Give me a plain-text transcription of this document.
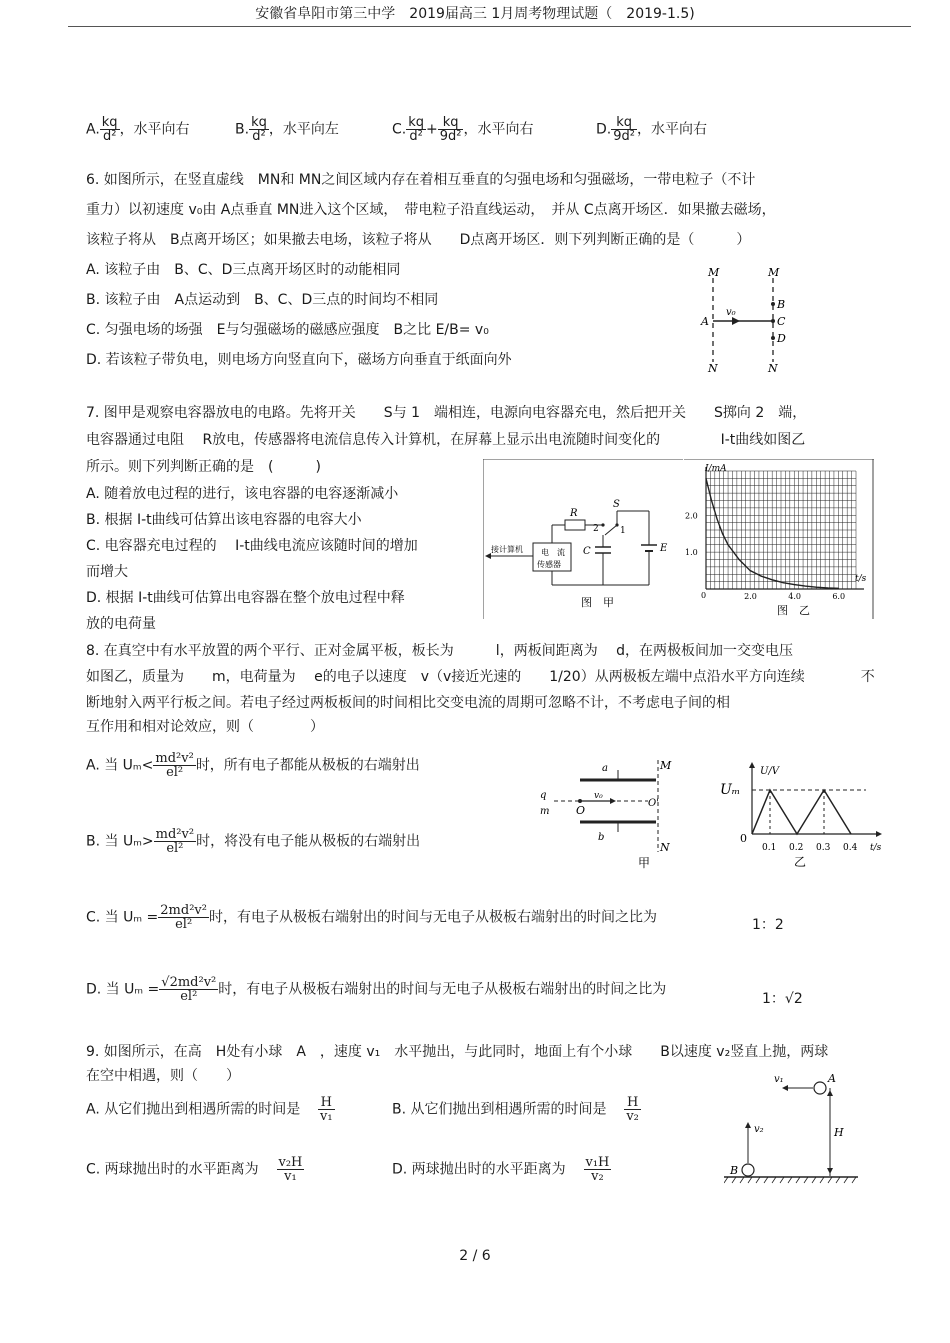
安徽省阜阳市第三中学　2019届高三 1月周考物理试题（　2019-1.5)
A. $\frac{kq}{\text{d²}}$ ，水平向右	B. $\frac{kq}{\text{d²}}$ ，水平向左	C. $\frac{kq}{\text{d²}} + \frac{kq}{\text{9d²}}$ ，水平向右	D. $\frac{kq}{\text{9d²}}$ ，水平向右
6. 如图所示，在竖直虚线　MN和 MN之间区域内存在着相互垂直的匀强电场和匀强磁场，一带电粒子（不计
重力）以初速度 v₀由 A点垂直 MN进入这个区域，　带电粒子沿直线运动，　并从 C点离开场区．如果撤去磁场，
该粒子将从　B点离开场区；如果撤去电场，该粒子将从　　D点离开场区．则下列判断正确的是（　　　）
A. 该粒子由　B、C、D三点离开场区时的动能相同
B. 该粒子由　A点运动到　B、C、D三点的时间均不相同
C. 匀强电场的场强　E与匀强磁场的磁感应强度　B之比 E/B= v₀
D. 若该粒子带负电，则电场方向竖直向下，磁场方向垂直于纸面向外
M	M
N	N
A
B
C
D
v₀
7. 图甲是观察电容器放电的电路。先将开关　　S与 1　端相连，电源向电容器充电，然后把开关　　S掷向 2　端，
电容器通过电阻　 R放电，传感器将电流信息传入计算机，在屏幕上显示出电流随时间变化的　　　　 I-t曲线如图乙
所示。则下列判断正确的是　(　　　)
A. 随着放电过程的进行，该电容器的电容逐渐减小
B. 根据 I-t曲线可估算出该电容器的电容大小
C. 电容器充电过程的　 I-t曲线电流应该随时间的增加
而增大
D. 根据 I-t曲线可估算出电容器在整个放电过程中释
放的电荷量
电　流
传感器
接计算机
R
S
2 1
C	E
图　甲
2.0
1.0
2.0	4.0	6.0
I/mA
t/s
0
图　乙
8. 在真空中有水平放置的两个平行、正对金属平板，板长为　　　l，两板间距离为　 d，在两极板间加一交变电压
如图乙，质量为　　m，电荷量为　 e的电子以速度　v（v接近光速的　　1/20）从两极板左端中点沿水平方向连续　　　　不
断地射入两平行板之间。若电子经过两板板间的时间相比交变电流的周期可忽略不计，不考虑电子间的相
互作用和相对论效应，则（　　　　）
A. 当 $U_m< \frac{\text{md²v²}}{\text{el²}}$ 时，所有电子都能从极板的右端射出
B. 当 $U_m> \frac{\text{md²v²}}{\text{el²}}$ 时，将没有电子能从极板的右端射出
C. 当 $U_m = \frac{\text{2md²v²}}{\text{el²}}$ 时，有电子从极板右端射出的时间与无电子从极板右端射出的时间之比为	1：2
D. 当 $U_m = \frac{\text{√2md²v²}}{\text{el²}}$ 时，有电子从极板右端射出的时间与无电子从极板右端射出的时间之比为
1：√2
a
b
M
N
q
m
v₀
O
O'
甲
U/V
Uₘ
0
0.1 0.2 0.3 0.4 t/s
乙
9. 如图所示，在高　H处有小球　A　，速度 v₁　水平抛出，与此同时，地面上有个小球　　B以速度 v₂竖直上抛，两球
在空中相遇，则（　　）
A. 从它们抛出到相遇所需的时间是 $\frac{H}{\text{v₁}}$	B. 从它们抛出到相遇所需的时间是 $\frac{H}{\text{v₂}}$
C. 两球抛出时的水平距离为 $\frac{\text{v₂H}}{\text{v₁}}$	D. 两球抛出时的水平距离为 $\frac{\text{v₁H}}{\text{v₂}}$
v₁	A
H
v₂
B
2 / 6
